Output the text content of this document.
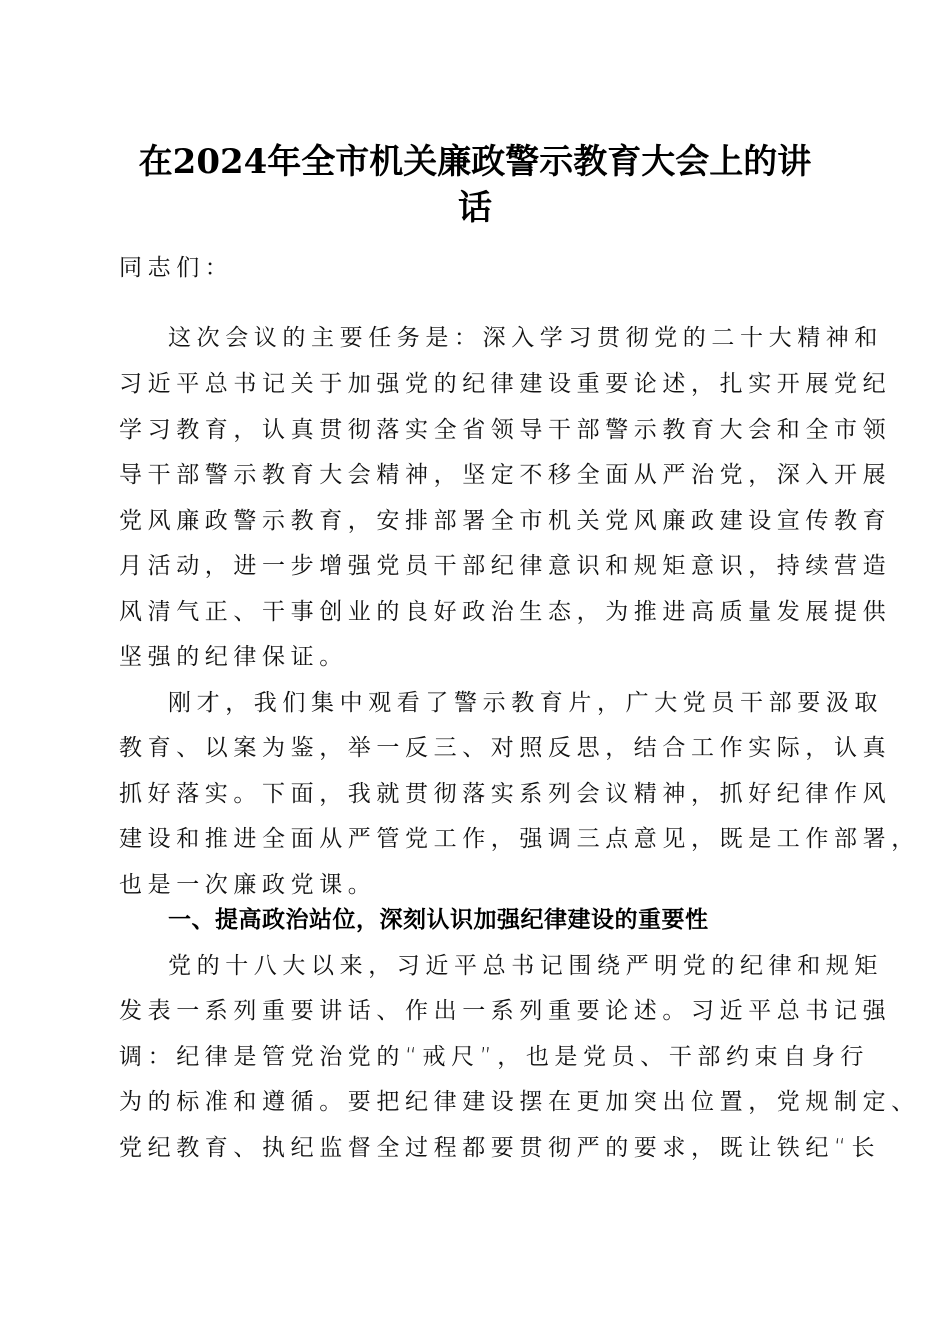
在2024年全市机关廉政警示教育大会上的讲
话
同志们：
这次会议的主要任务是：深入学习贯彻党的二十大精神和
习近平总书记关于加强党的纪律建设重要论述，扎实开展党纪
学习教育，认真贯彻落实全省领导干部警示教育大会和全市领
导干部警示教育大会精神，坚定不移全面从严治党，深入开展
党风廉政警示教育，安排部署全市机关党风廉政建设宣传教育
月活动，进一步增强党员干部纪律意识和规矩意识，持续营造
风清气正、干事创业的良好政治生态，为推进高质量发展提供
坚强的纪律保证。
刚才，我们集中观看了警示教育片，广大党员干部要汲取
教育、以案为鉴，举一反三、对照反思，结合工作实际，认真
抓好落实。下面，我就贯彻落实系列会议精神，抓好纪律作风
建设和推进全面从严管党工作，强调三点意见，既是工作部署，
也是一次廉政党课。
一、提高政治站位，深刻认识加强纪律建设的重要性
党的十八大以来，习近平总书记围绕严明党的纪律和规矩
发表一系列重要讲话、作出一系列重要论述。习近平总书记强
调：纪律是管党治党的“戒尺”，也是党员、干部约束自身行
为的标准和遵循。要把纪律建设摆在更加突出位置，党规制定、
党纪教育、执纪监督全过程都要贯彻严的要求，既让铁纪“长
